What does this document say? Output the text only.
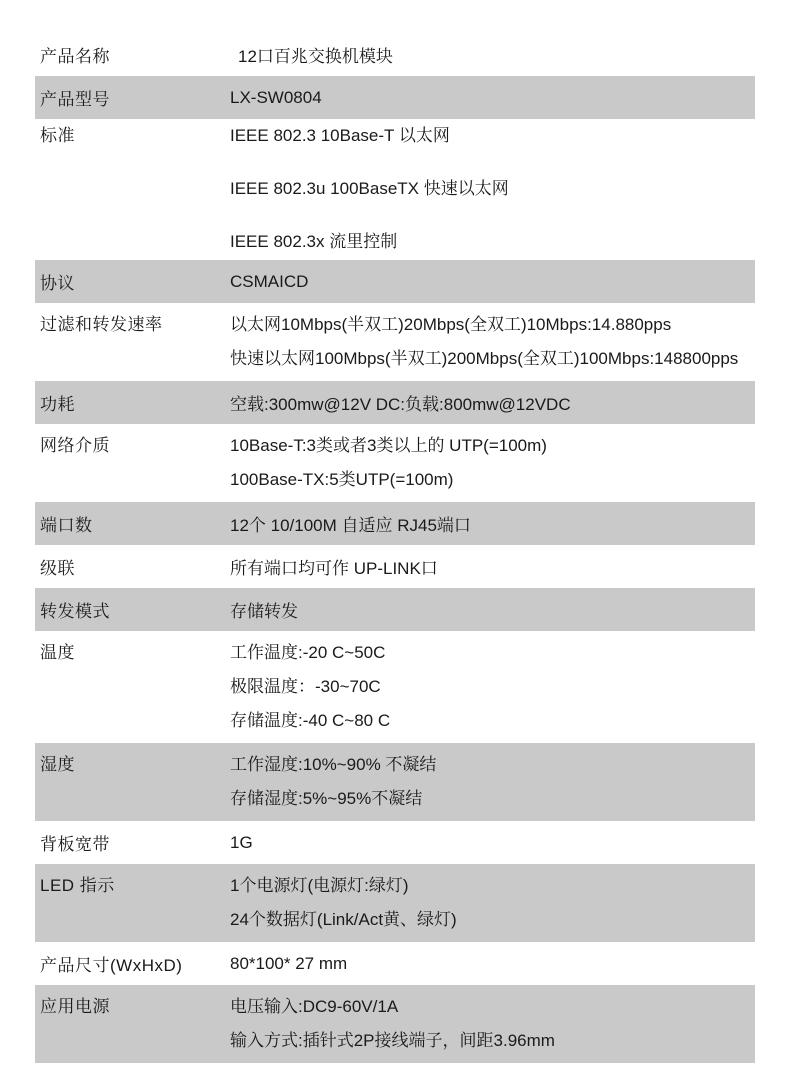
产品名称	12口百兆交换机模块
产品型号	LX-SW0804
标准	IEEE 802.3 10Base-T 以太网
IEEE 802.3u 100BaseTX 快速以太网
IEEE 802.3x 流里控制
协议	CSMAICD
过滤和转发速率	以太网10Mbps(半双工)20Mbps(全双工)10Mbps:14.880pps
快速以太网100Mbps(半双工)200Mbps(全双工)100Mbps:148800pps
功耗	空载:300mw@12V DC:负载:800mw@12VDC
网络介质	10Base-T:3类或者3类以上的 UTP(=100m)
100Base-TX:5类UTP(=100m)
端口数	12个 10/100M 自适应 RJ45端口
级联	所有端口均可作 UP-LINK口
转发模式	存储转发
温度	工作温度:-20 C~50C
极限温度：-30~70C
存储温度:-40 C~80 C
湿度	工作湿度:10%~90% 不凝结
存储湿度:5%~95%不凝结
背板宽带	1G
LED 指示	1个电源灯(电源灯:绿灯)
24个数据灯(Link/Act黄、绿灯)
产品尺寸(WxHxD)	80*100* 27 mm
应用电源	电压输入:DC9-60V/1A
输入方式:插针式2P接线端子，间距3.96mm
